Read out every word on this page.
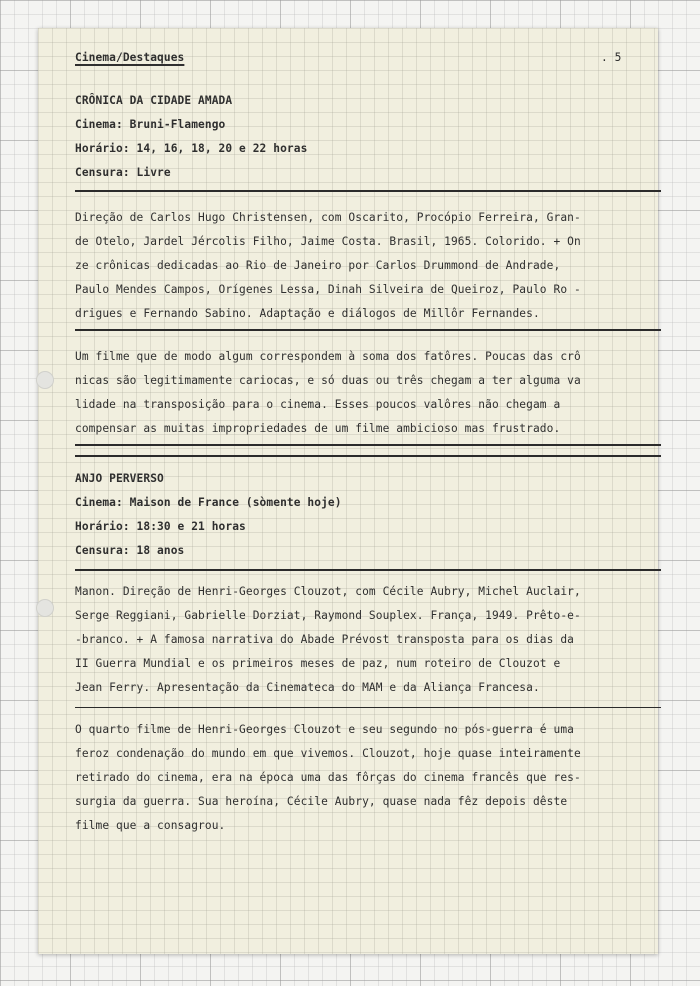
Cinema/Destaques	. 5

CRÔNICA DA CIDADE AMADA

Cinema: Bruni-Flamengo

Horário: 14, 16, 18, 20 e 22 horas

Censura: Livre

Direção de Carlos Hugo Christensen, com Oscarito, Procópio Ferreira, Gran-

de Otelo, Jardel Jércolis Filho, Jaime Costa. Brasil, 1965. Colorido. + On

ze crônicas dedicadas ao Rio de Janeiro por Carlos Drummond de Andrade,

Paulo Mendes Campos, Orígenes Lessa, Dinah Silveira de Queiroz, Paulo Ro -

drigues e Fernando Sabino. Adaptação e diálogos de Millôr Fernandes.

Um filme que de modo algum correspondem à soma dos fatôres. Poucas das crô

nicas são legitimamente cariocas, e só duas ou três chegam a ter alguma va

lidade na transposição para o cinema. Esses poucos valôres não chegam a

compensar as muitas impropriedades de um filme ambicioso mas frustrado.

ANJO PERVERSO

Cinema: Maison de France (sòmente hoje)

Horário: 18:30 e 21 horas

Censura: 18 anos

Manon. Direção de Henri-Georges Clouzot, com Cécile Aubry, Michel Auclair,

Serge Reggiani, Gabrielle Dorziat, Raymond Souplex. França, 1949. Prêto-e-

-branco. + A famosa narrativa do Abade Prévost transposta para os dias da

II Guerra Mundial e os primeiros meses de paz, num roteiro de Clouzot e

Jean Ferry. Apresentação da Cinemateca do MAM e da Aliança Francesa.

O quarto filme de Henri-Georges Clouzot e seu segundo no pós-guerra é uma

feroz condenação do mundo em que vivemos. Clouzot, hoje quase inteiramente

retirado do cinema, era na época uma das fôrças do cinema francês que res-

surgia da guerra. Sua heroína, Cécile Aubry, quase nada fêz depois dêste

filme que a consagrou.
